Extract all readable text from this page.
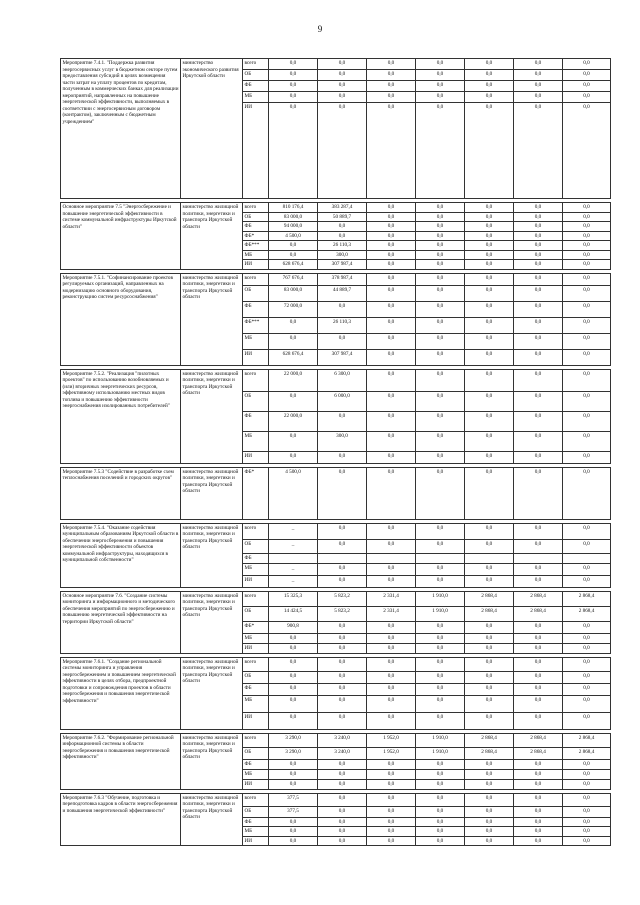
9
Мероприятие 7.4.1. "Поддержка развития энергосервисных услуг в бюджетном секторе путем предоставления субсидий в целях возмещения части затрат на уплату процентов по кредитам, полученным в коммерческих банках для реализации мероприятий, направленных на повышение энергетической эффективности, выполняемых в соответствии с энергосервисным договором (контрактом), заключенным с бюджетным учреждением"	министерство экономического развития Иркутской области	всего	0,0	0,0	0,0	0,0	0,0	0,0	0,0
		ОБ	0,0	0,0	0,0	0,0	0,0	0,0	0,0
		ФБ	0,0	0,0	0,0	0,0	0,0	0,0	0,0
		МБ	0,0	0,0	0,0	0,0	0,0	0,0	0,0
		ИИ	0,0	0,0	0,0	0,0	0,0	0,0	0,0

Основное мероприятие 7.5 "Энергосбережение и повышение энергетической эффективности в системе коммунальной инфраструктуры Иркутской области"	министерство жилищной политики, энергетики и транспорта Иркутской области	всего	810 176,4	383 287,4	0,0	0,0	0,0	0,0	0,0
		ОБ	83 000,0	50 889,7	0,0	0,0	0,0	0,0	0,0
		ФБ	94 000,0	0,0	0,0	0,0	0,0	0,0	0,0
		ФБ*	4 500,0	0,0	0,0	0,0	0,0	0,0	0,0
		ФБ***	0,0	26 110,3	0,0	0,0	0,0	0,0	0,0
		МБ	0,0	300,0	0,0	0,0	0,0	0,0	0,0
		ИИ	628 676,4	307 987,4	0,0	0,0	0,0	0,0	0,0

Мероприятие 7.5.1. "Софинансирование проектов регулируемых организаций, направленных на модернизацию основного оборудования, реконструкцию систем ресурсоснабжения"	министерство жилищной политики, энергетики и транспорта Иркутской области	всего	767 676,4	378 987,4	0,0	0,0	0,0	0,0	0,0
		ОБ	83 000,0	44 889,7	0,0	0,0	0,0	0,0	0,0
		ФБ	72 000,0	0,0	0,0	0,0	0,0	0,0	0,0
		ФБ***	0,0	26 110,3	0,0	0,0	0,0	0,0	0,0
		МБ	0,0	0,0	0,0	0,0	0,0	0,0	0,0
		ИИ	628 676,4	307 987,4	0,0	0,0	0,0	0,0	0,0

Мероприятие 7.5.2. "Реализация "пилотных проектов" по использованию возобновляемых и (или) вторичных энергетических ресурсов, эффективному использованию местных видов топлива и повышению эффективности энергоснабжения изолированных потребителей"	министерство жилищной политики, энергетики и транспорта Иркутской области	всего	22 000,0	6 300,0	0,0	0,0	0,0	0,0	0,0
		ОБ	0,0	6 000,0	0,0	0,0	0,0	0,0	0,0
		ФБ	22 000,0	0,0	0,0	0,0	0,0	0,0	0,0
		МБ	0,0	300,0	0,0	0,0	0,0	0,0	0,0
		ИИ	0,0	0,0	0,0	0,0	0,0	0,0	0,0

Мероприятие 7.5.3 "Содействие в разработке схем теплоснабжения поселений и городских округов"	министерство жилищной политики, энергетики и транспорта Иркутской области	ФБ*	4 500,0	0,0	0,0	0,0	0,0	0,0	0,0

Мероприятие 7.5.4. "Оказание содействия муниципальным образованиям Иркутской области в обеспечении энергосбережения и повышения энергетической эффективности объектов коммунальной инфраструктуры, находящихся в муниципальной собственности"	министерство жилищной политики, энергетики и транспорта Иркутской области	всего	_	0,0	0,0	0,0	0,0	0,0	0,0
		ОБ	_	0,0	0,0	0,0	0,0	0,0	0,0
		ФБ							
		МБ	_	0,0	0,0	0,0	0,0	0,0	0,0
		ИИ	_	0,0	0,0	0,0	0,0	0,0	0,0

Основное мероприятие 7.6. "Создание системы мониторинга и информационного и методического обеспечения мероприятий по энергосбережению и повышению энергетической эффективности на территории Иркутской области"	министерство жилищной политики, энергетики и транспорта Иркутской области	всего	15 325,3	5 823,2	2 331,4	1 910,0	2 868,4	2 868,4	2 868,4
		ОБ	14 424,5	5 823,2	2 331,4	1 910,0	2 868,4	2 868,4	2 868,4
		ФБ*	900,8	0,0	0,0	0,0	0,0	0,0	0,0
		МБ	0,0	0,0	0,0	0,0	0,0	0,0	0,0
		ИИ	0,0	0,0	0,0	0,0	0,0	0,0	0,0

Мероприятие 7.6.1. "Создание региональной системы мониторинга и управления энергосбережением и повышением энергетической эффективности в целях отбора, предпроектной подготовки и сопровождения проектов в области энергосбережения и повышения энергетической эффективности"	министерство жилищной политики, энергетики и транспорта Иркутской области	всего	0,0	0,0	0,0	0,0	0,0	0,0	0,0
		ОБ	0,0	0,0	0,0	0,0	0,0	0,0	0,0
		ФБ	0,0	0,0	0,0	0,0	0,0	0,0	0,0
		МБ	0,0	0,0	0,0	0,0	0,0	0,0	0,0
		ИИ	0,0	0,0	0,0	0,0	0,0	0,0	0,0

Мероприятие 7.6.2. "Формирование региональной информационной системы в области энергосбережения и повышения энергетической эффективности"	министерство жилищной политики, энергетики и транспорта Иркутской области	всего	3 290,0	3 240,0	1 952,0	1 910,0	2 868,4	2 868,4	2 868,4
		ОБ	3 290,0	3 240,0	1 952,0	1 910,0	2 868,4	2 868,4	2 868,4
		ФБ	0,0	0,0	0,0	0,0	0,0	0,0	0,0
		МБ	0,0	0,0	0,0	0,0	0,0	0,0	0,0
		ИИ	0,0	0,0	0,0	0,0	0,0	0,0	0,0

Мероприятие 7.6.3 "Обучение, подготовка и переподготовка кадров в области энергосбережения и повышения энергетической эффективности"	министерство жилищной политики, энергетики и транспорта Иркутской области	всего	377,5	0,0	0,0	0,0	0,0	0,0	0,0
		ОБ	377,5	0,0	0,0	0,0	0,0	0,0	0,0
		ФБ	0,0	0,0	0,0	0,0	0,0	0,0	0,0
		МБ	0,0	0,0	0,0	0,0	0,0	0,0	0,0
		ИИ	0,0	0,0	0,0	0,0	0,0	0,0	0,0
